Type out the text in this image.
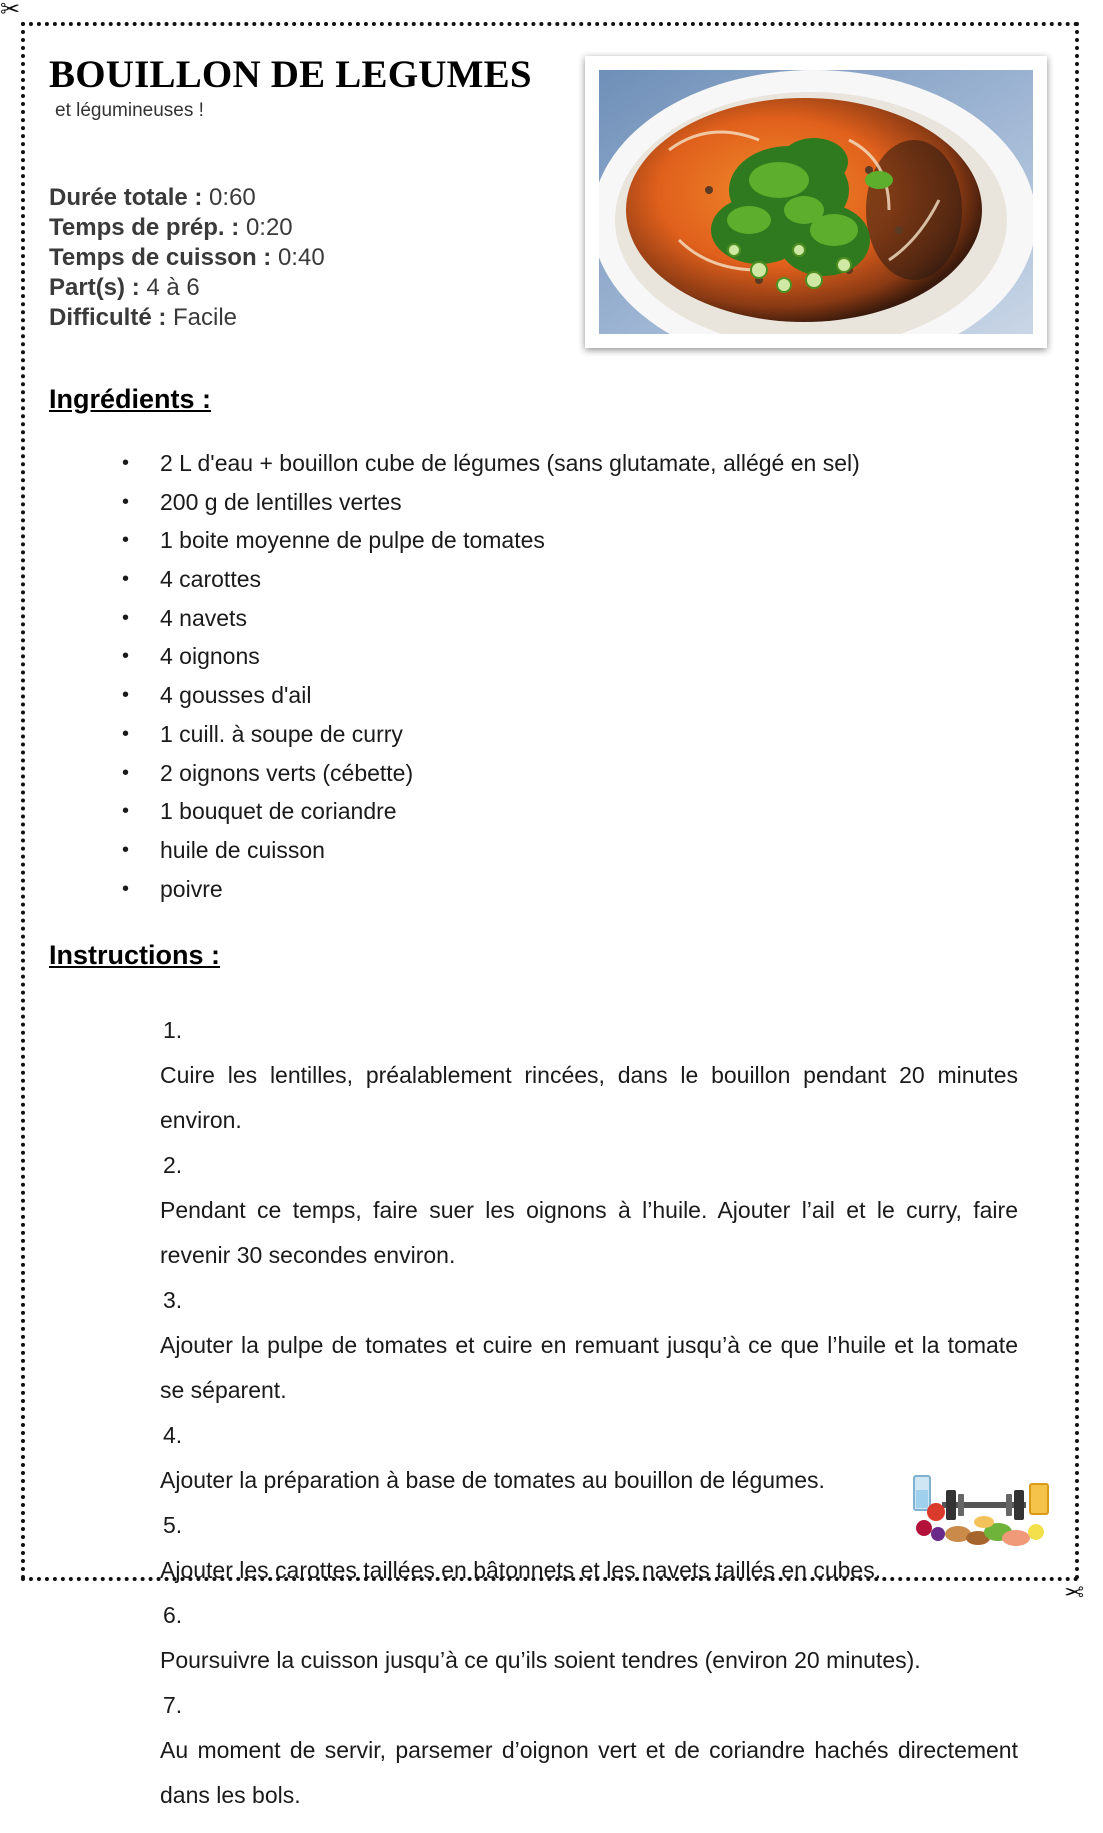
✂
✂
BOUILLON DE LEGUMES
et légumineuses !
Durée totale : 0:60
Temps de prép. : 0:20
Temps de cuisson : 0:40
Part(s) : 4 à 6
Difficulté : Facile
Ingrédients :
• 2 L d'eau + bouillon cube de légumes (sans glutamate, allégé en sel)
• 200 g de lentilles vertes
• 1 boite moyenne de pulpe de tomates
• 4 carottes
• 4 navets
• 4 oignons
• 4 gousses d'ail
• 1 cuill. à soupe de curry
• 2 oignons verts (cébette)
• 1 bouquet de coriandre
• huile de cuisson
• poivre
Instructions :
1.
Cuire les lentilles, préalablement rincées, dans le bouillon pendant 20 minutes environ.
2.
Pendant ce temps, faire suer les oignons à l’huile. Ajouter l’ail et le curry, faire revenir 30 secondes environ.
3.
Ajouter la pulpe de tomates et cuire en remuant jusqu’à ce que l’huile et la tomate se séparent.
4.
Ajouter la préparation à base de tomates au bouillon de légumes.
5.
Ajouter les carottes taillées en bâtonnets et les navets taillés en cubes.
6.
Poursuivre la cuisson jusqu’à ce qu’ils soient tendres (environ 20 minutes).
7.
Au moment de servir, parsemer d’oignon vert et de coriandre hachés directement dans les bols.
